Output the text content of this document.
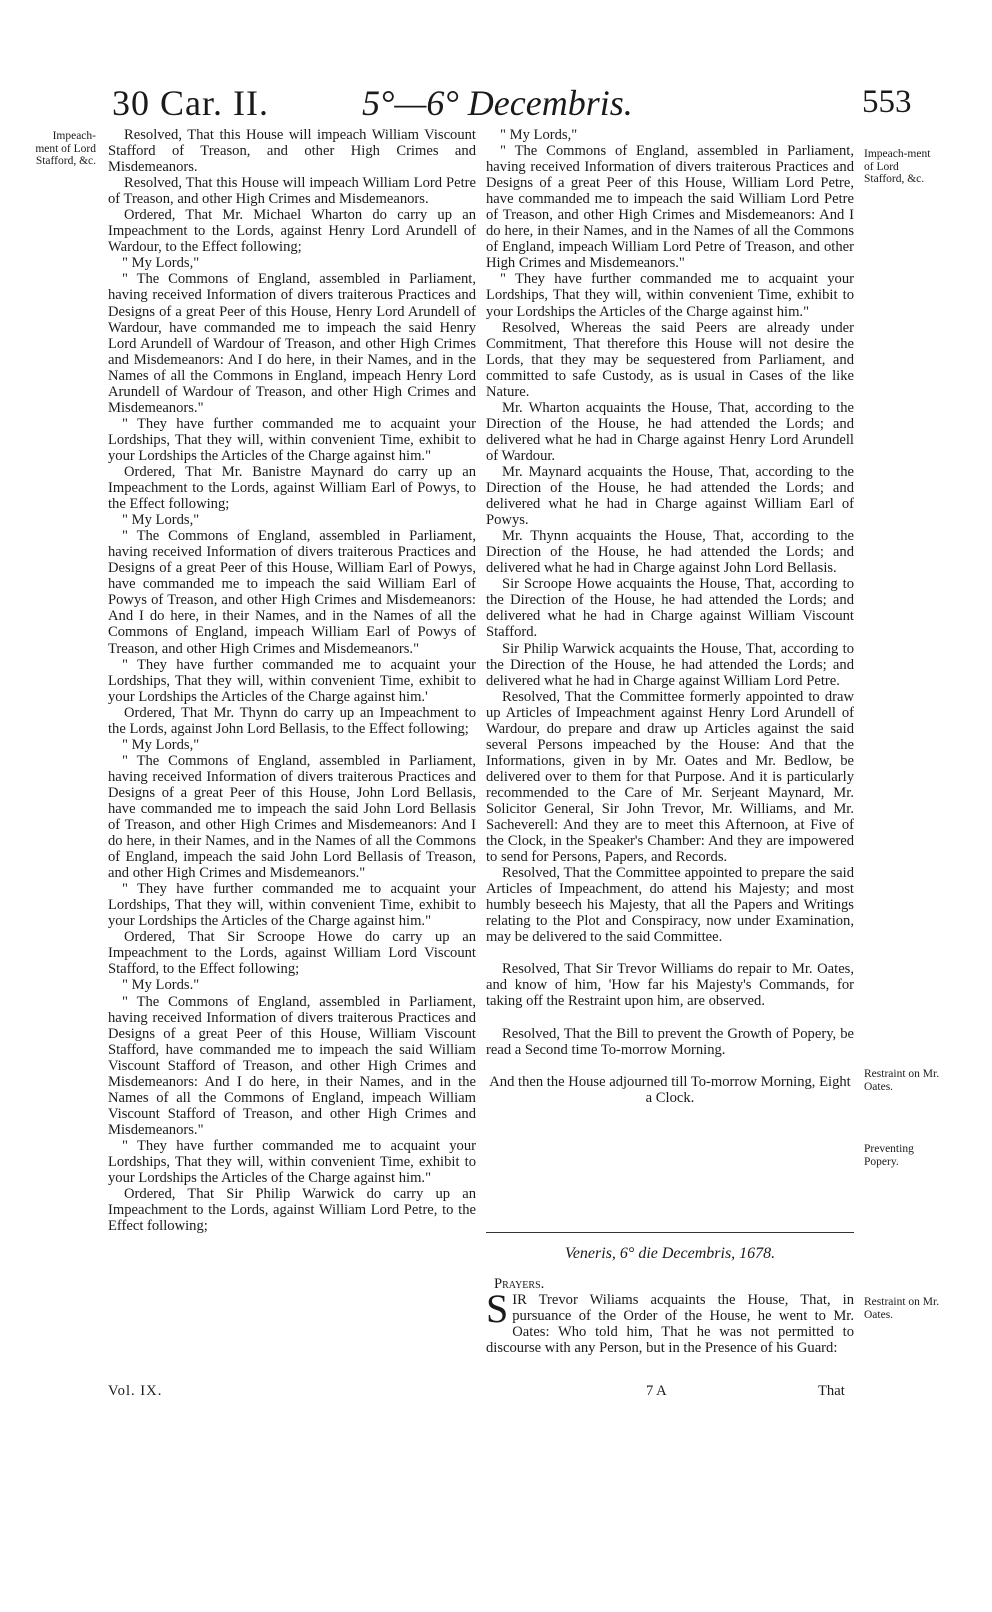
30 Car. II.	5°—6° Decembris.	553
Impeach-ment of Lord Stafford, &c.
Impeach-ment of Lord Stafford, &c.
Restraint on Mr. Oates.
Preventing Popery.
Restraint on Mr. Oates.

Resolved, That this House will impeach William Viscount Stafford of Treason, and other High Crimes and Misdemeanors.

Resolved, That this House will impeach William Lord Petre of Treason, and other High Crimes and Misdemeanors.

Ordered, That Mr. Michael Wharton do carry up an Impeachment to the Lords, against Henry Lord Arundell of Wardour, to the Effect following;

" My Lords,"

" The Commons of England, assembled in Parliament, having received Information of divers traiterous Practices and Designs of a great Peer of this House, Henry Lord Arundell of Wardour, have commanded me to impeach the said Henry Lord Arundell of Wardour of Treason, and other High Crimes and Misdemeanors: And I do here, in their Names, and in the Names of all the Commons in England, impeach Henry Lord Arundell of Wardour of Treason, and other High Crimes and Misdemeanors."

" They have further commanded me to acquaint your Lordships, That they will, within convenient Time, exhibit to your Lordships the Articles of the Charge against him."

Ordered, That Mr. Banistre Maynard do carry up an Impeachment to the Lords, against William Earl of Powys, to the Effect following;

" My Lords,"

" The Commons of England, assembled in Parliament, having received Information of divers traiterous Practices and Designs of a great Peer of this House, William Earl of Powys, have commanded me to impeach the said William Earl of Powys of Treason, and other High Crimes and Misdemeanors: And I do here, in their Names, and in the Names of all the Commons of England, impeach William Earl of Powys of Treason, and other High Crimes and Misdemeanors."

" They have further commanded me to acquaint your Lordships, That they will, within convenient Time, exhibit to your Lordships the Articles of the Charge against him.'

Ordered, That Mr. Thynn do carry up an Impeachment to the Lords, against John Lord Bellasis, to the Effect following;

" My Lords,"

" The Commons of England, assembled in Parliament, having received Information of divers traiterous Practices and Designs of a great Peer of this House, John Lord Bellasis, have commanded me to impeach the said John Lord Bellasis of Treason, and other High Crimes and Misdemeanors: And I do here, in their Names, and in the Names of all the Commons of England, impeach the said John Lord Bellasis of Treason, and other High Crimes and Misdemeanors."

" They have further commanded me to acquaint your Lordships, That they will, within convenient Time, exhibit to your Lordships the Articles of the Charge against him."

Ordered, That Sir Scroope Howe do carry up an Impeachment to the Lords, against William Lord Viscount Stafford, to the Effect following;

" My Lords."

" The Commons of England, assembled in Parliament, having received Information of divers traiterous Practices and Designs of a great Peer of this House, William Viscount Stafford, have commanded me to impeach the said William Viscount Stafford of Treason, and other High Crimes and Misdemeanors: And I do here, in their Names, and in the Names of all the Commons of England, impeach William Viscount Stafford of Treason, and other High Crimes and Misdemeanors."

" They have further commanded me to acquaint your Lordships, That they will, within convenient Time, exhibit to your Lordships the Articles of the Charge against him."

Ordered, That Sir Philip Warwick do carry up an Impeachment to the Lords, against William Lord Petre, to the Effect following;

" My Lords,"

" The Commons of England, assembled in Parliament, having received Information of divers traiterous Practices and Designs of a great Peer of this House, William Lord Petre, have commanded me to impeach the said William Lord Petre of Treason, and other High Crimes and Misdemeanors: And I do here, in their Names, and in the Names of all the Commons of England, impeach William Lord Petre of Treason, and other High Crimes and Misdemeanors."

" They have further commanded me to acquaint your Lordships, That they will, within convenient Time, exhibit to your Lordships the Articles of the Charge against him."

Resolved, Whereas the said Peers are already under Commitment, That therefore this House will not desire the Lords, that they may be sequestered from Parliament, and committed to safe Custody, as is usual in Cases of the like Nature.

Mr. Wharton acquaints the House, That, according to the Direction of the House, he had attended the Lords; and delivered what he had in Charge against Henry Lord Arundell of Wardour.

Mr. Maynard acquaints the House, That, according to the Direction of the House, he had attended the Lords; and delivered what he had in Charge against William Earl of Powys.

Mr. Thynn acquaints the House, That, according to the Direction of the House, he had attended the Lords; and delivered what he had in Charge against John Lord Bellasis.

Sir Scroope Howe acquaints the House, That, according to the Direction of the House, he had attended the Lords; and delivered what he had in Charge against William Viscount Stafford.

Sir Philip Warwick acquaints the House, That, according to the Direction of the House, he had attended the Lords; and delivered what he had in Charge against William Lord Petre.

Resolved, That the Committee formerly appointed to draw up Articles of Impeachment against Henry Lord Arundell of Wardour, do prepare and draw up Articles against the said several Persons impeached by the House: And that the Informations, given in by Mr. Oates and Mr. Bedlow, be delivered over to them for that Purpose. And it is particularly recommended to the Care of Mr. Serjeant Maynard, Mr. Solicitor General, Sir John Trevor, Mr. Williams, and Mr. Sacheverell: And they are to meet this Afternoon, at Five of the Clock, in the Speaker's Chamber: And they are impowered to send for Persons, Papers, and Records.

Resolved, That the Committee appointed to prepare the said Articles of Impeachment, do attend his Majesty; and most humbly beseech his Majesty, that all the Papers and Writings relating to the Plot and Conspiracy, now under Examination, may be delivered to the said Committee.

Resolved, That Sir Trevor Williams do repair to Mr. Oates, and know of him, 'How far his Majesty's Commands, for taking off the Restraint upon him, are observed.

Resolved, That the Bill to prevent the Growth of Popery, be read a Second time To-morrow Morning.

And then the House adjourned till To-morrow Morning, Eight a Clock.

Veneris, 6° die Decembris, 1678.

Prayers.

SIR Trevor Wiliams acquaints the House, That, in pursuance of the Order of the House, he went to Mr. Oates: Who told him, That he was not permitted to discourse with any Person, but in the Presence of his Guard:

Vol. IX.	7 A	That
